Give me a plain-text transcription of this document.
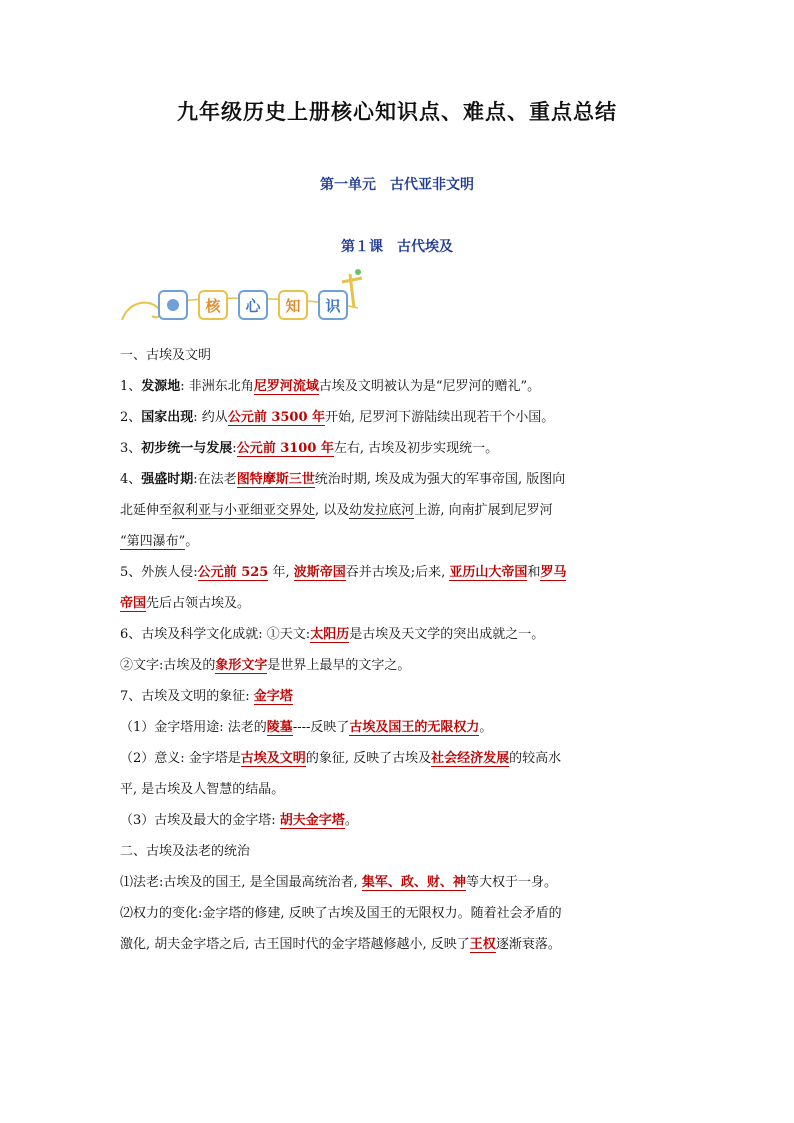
九年级历史上册核心知识点、难点、重点总结
第一单元　古代亚非文明
第１课　古代埃及
核	心	知	识
一、古埃及文明
1、发源地: 非洲东北角尼罗河流域古埃及文明被认为是“尼罗河的赠礼”。
2、国家出现: 约从公元前 3500 年开始, 尼罗河下游陆续出现若干个小国。
3、初步统一与发展:公元前 3100 年左右, 古埃及初步实现统一。
4、强盛时期:在法老图特摩斯三世统治时期, 埃及成为强大的军事帝国, 版图向
北延伸至叙利亚与小亚细亚交界处, 以及幼发拉底河上游, 向南扩展到尼罗河
“第四瀑布”。
5、外族人侵:公元前 525 年, 波斯帝国吞并古埃及;后来, 亚历山大帝国和罗马
帝国先后占领古埃及。
6、古埃及科学文化成就: ①天文:太阳历是古埃及天文学的突出成就之一。
②文字:古埃及的象形文字是世界上最早的文字之。
7、古埃及文明的象征: 金字塔
（1）金字塔用途: 法老的陵墓----反映了古埃及国王的无限权力。
（2）意义: 金字塔是古埃及文明的象征, 反映了古埃及社会经济发展的较高水
平, 是古埃及人智慧的结晶。
（3）古埃及最大的金字塔: 胡夫金字塔。
二、古埃及法老的统治
⑴法老:古埃及的国王, 是全国最高统治者, 集军、政、财、神等大权于一身。
⑵权力的变化:金字塔的修建, 反映了古埃及国王的无限权力。随着社会矛盾的
激化, 胡夫金字塔之后, 古王国时代的金字塔越修越小, 反映了王权逐渐衰落。
